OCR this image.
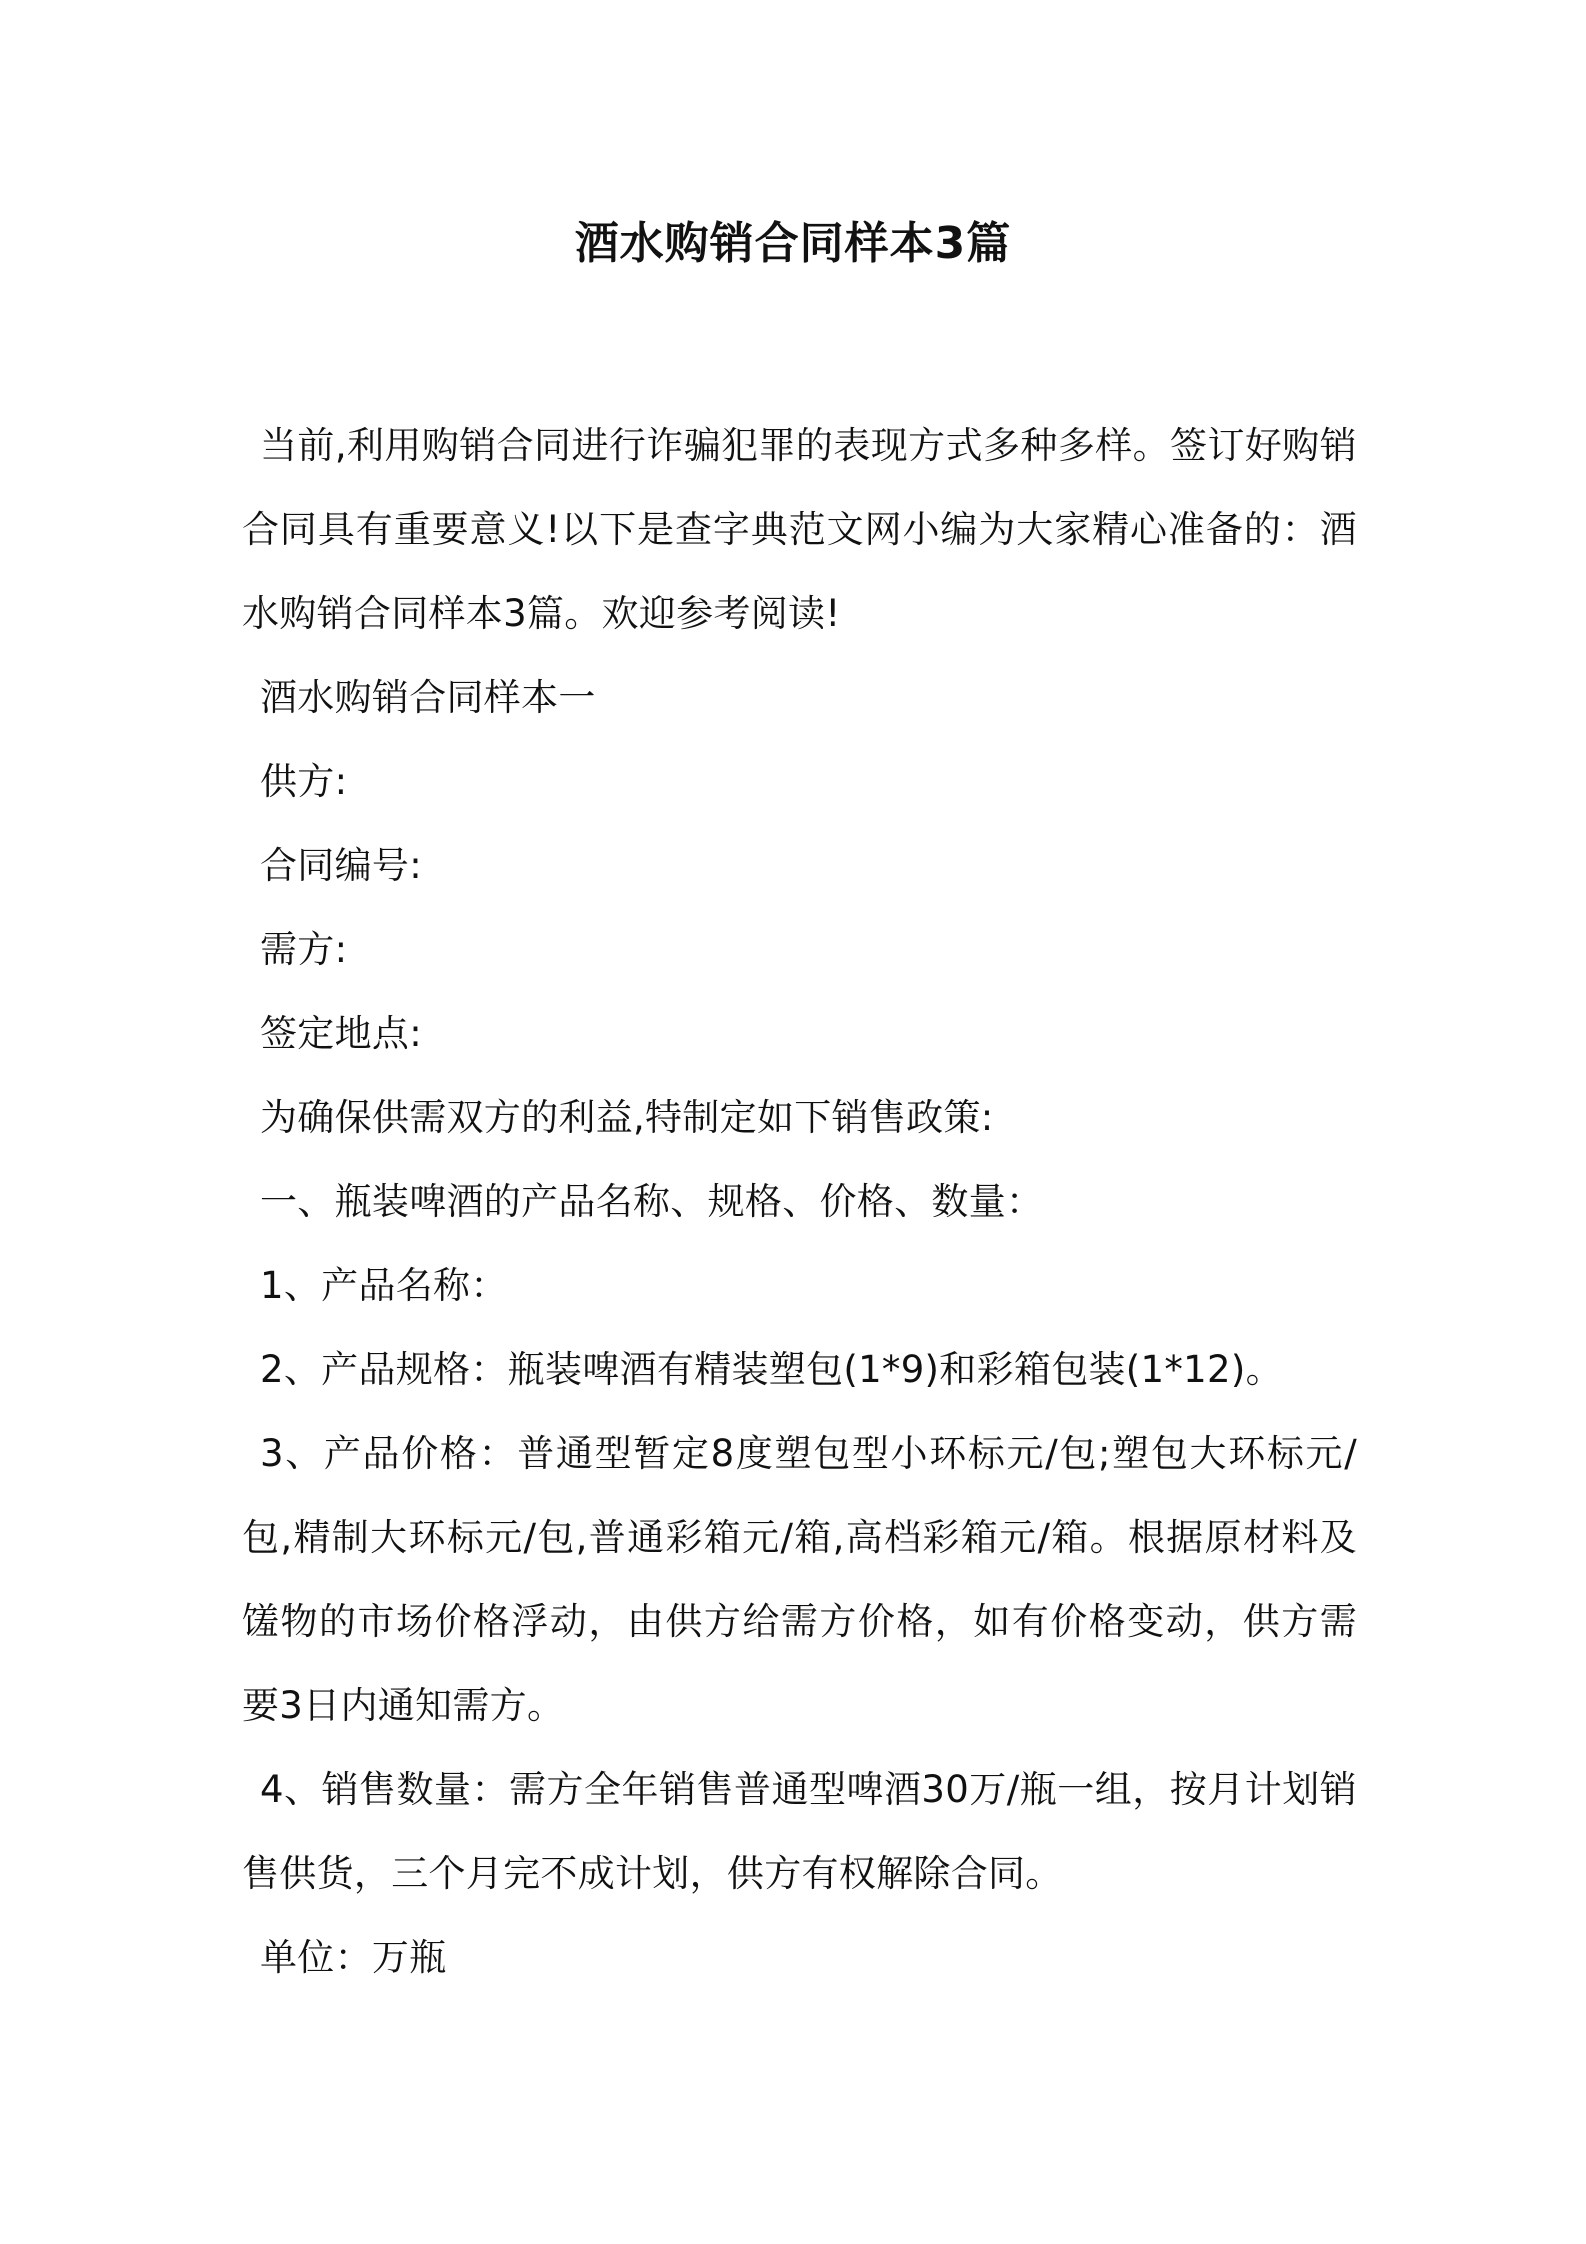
酒水购销合同样本3篇

当前,利用购销合同进行诈骗犯罪的表现方式多种多样。签订好购销合同具有重要意义!以下是查字典范文网小编为大家精心准备的：酒水购销合同样本3篇。欢迎参考阅读!

酒水购销合同样本一

供方:

合同编号:

需方:

签定地点:

为确保供需双方的利益,特制定如下销售政策:

一、瓶装啤酒的产品名称、规格、价格、数量：

1、产品名称：

2、产品规格：瓶装啤酒有精装塑包(1*9)和彩箱包装(1*12)。

3、产品价格：普通型暂定8度塑包型小环标元/包;塑包大环标元/包,精制大环标元/包,普通彩箱元/箱,高档彩箱元/箱。根据原材料及馐物的市场价格浮动，由供方给需方价格，如有价格变动，供方需要3日内通知需方。

4、销售数量：需方全年销售普通型啤酒30万/瓶一组，按月计划销售供货，三个月完不成计划，供方有权解除合同。

单位：万瓶
